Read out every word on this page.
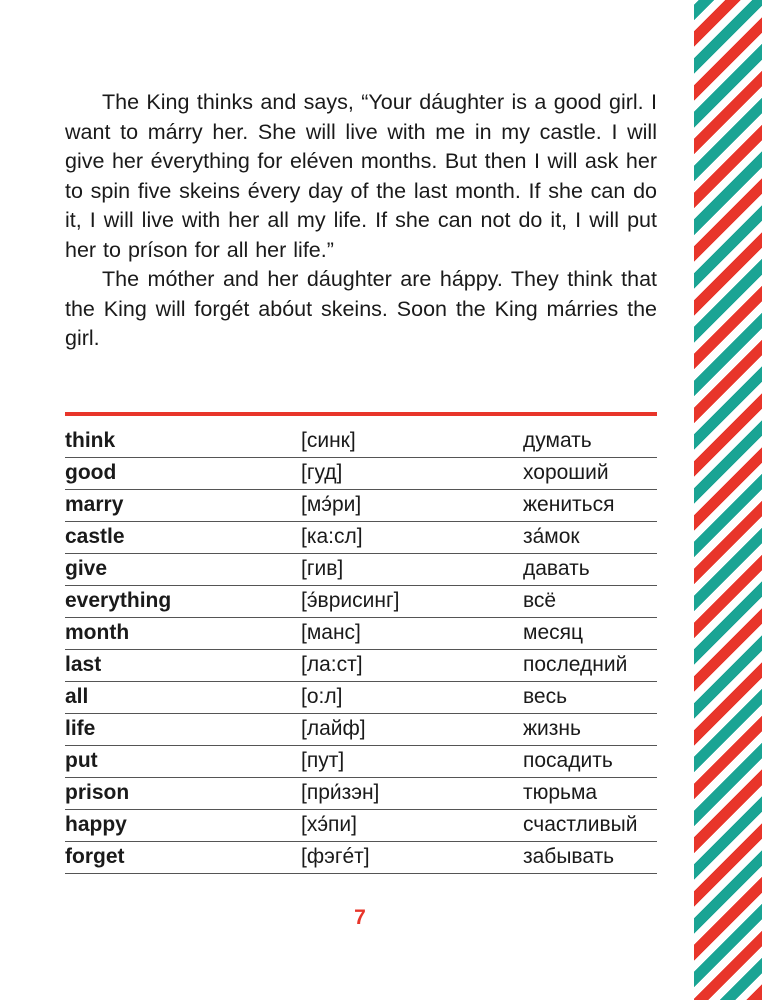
The King thinks and says, “Your dáughter is a good girl. I want to márry her. She will live with me in my castle. I will give her éverything for eléven months. But then I will ask her to spin five skeins évery day of the last month. If she can do it, I will live with her all my life. If she can not do it, I will put her to príson for all her life.”

The móther and her dáughter are háppy. They think that the King will forgét abóut skeins. Soon the King márries the girl.

think	[синк]	думать
good	[гуд]	хороший
marry	[мэ́ри]	жениться
castle	[ка:сл]	за́мок
give	[гив]	давать
everything	[э́врисинг]	всё
month	[манс]	месяц
last	[ла:ст]	последний
all	[о:л]	весь
life	[лайф]	жизнь
put	[пут]	посадить
prison	[при́зэн]	тюрьма
happy	[хэ́пи]	счастливый
forget	[фэгéт]	забывать
7
